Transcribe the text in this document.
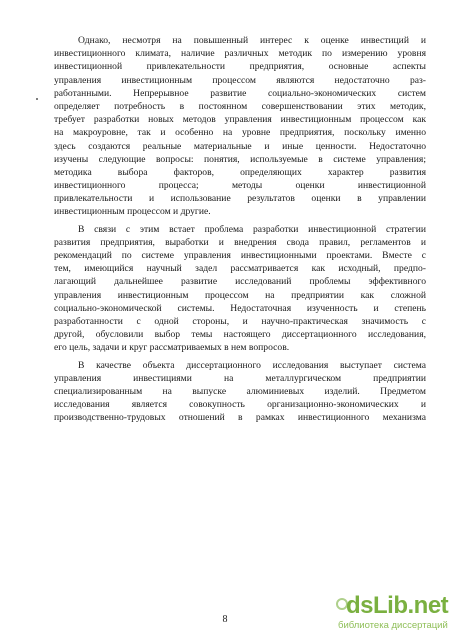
Однако, несмотря на повышенный интерес к оценке инвестиций и
инвестиционного климата, наличие различных методик по измерению уровня
инвестиционной привлекательности предприятия, основные аспекты
управления инвестиционным процессом являются недостаточно раз-
работанными. Непрерывное развитие социально-экономических систем
определяет потребность в постоянном совершенствовании этих методик,
требует разработки новых методов управления инвестиционным процессом как
на макроуровне, так и особенно на уровне предприятия, поскольку именно
здесь создаются реальные материальные и иные ценности. Недостаточно
изучены следующие вопросы: понятия, используемые в системе управления;
методика выбора факторов, определяющих характер развития
инвестиционного процесса; методы оценки инвестиционной
привлекательности и использование результатов оценки в управлении
инвестиционным процессом и другие.
В связи с этим встает проблема разработки инвестиционной стратегии
развития предприятия, выработки и внедрения свода правил, регламентов и
рекомендаций по системе управления инвестиционными проектами. Вместе с
тем, имеющийся научный задел рассматривается как исходный, предпо-
лагающий дальнейшее развитие исследований проблемы эффективного
управления инвестиционным процессом на предприятии как сложной
социально-экономической системы. Недостаточная изученность и степень
разработанности с одной стороны, и научно-практическая значимость с
другой, обусловили выбор темы настоящего диссертационного исследования,
его цель, задачи и круг рассматриваемых в нем вопросов.
В качестве объекта диссертационного исследования выступает система
управления инвестициями на металлургическом предприятии
специализированным на выпуске алюминиевых изделий. Предметом
исследования является совокупность организационно-экономических и
производственно-трудовых отношений в рамках инвестиционного механизма
8
dsLib.net
библиотека диссертаций
